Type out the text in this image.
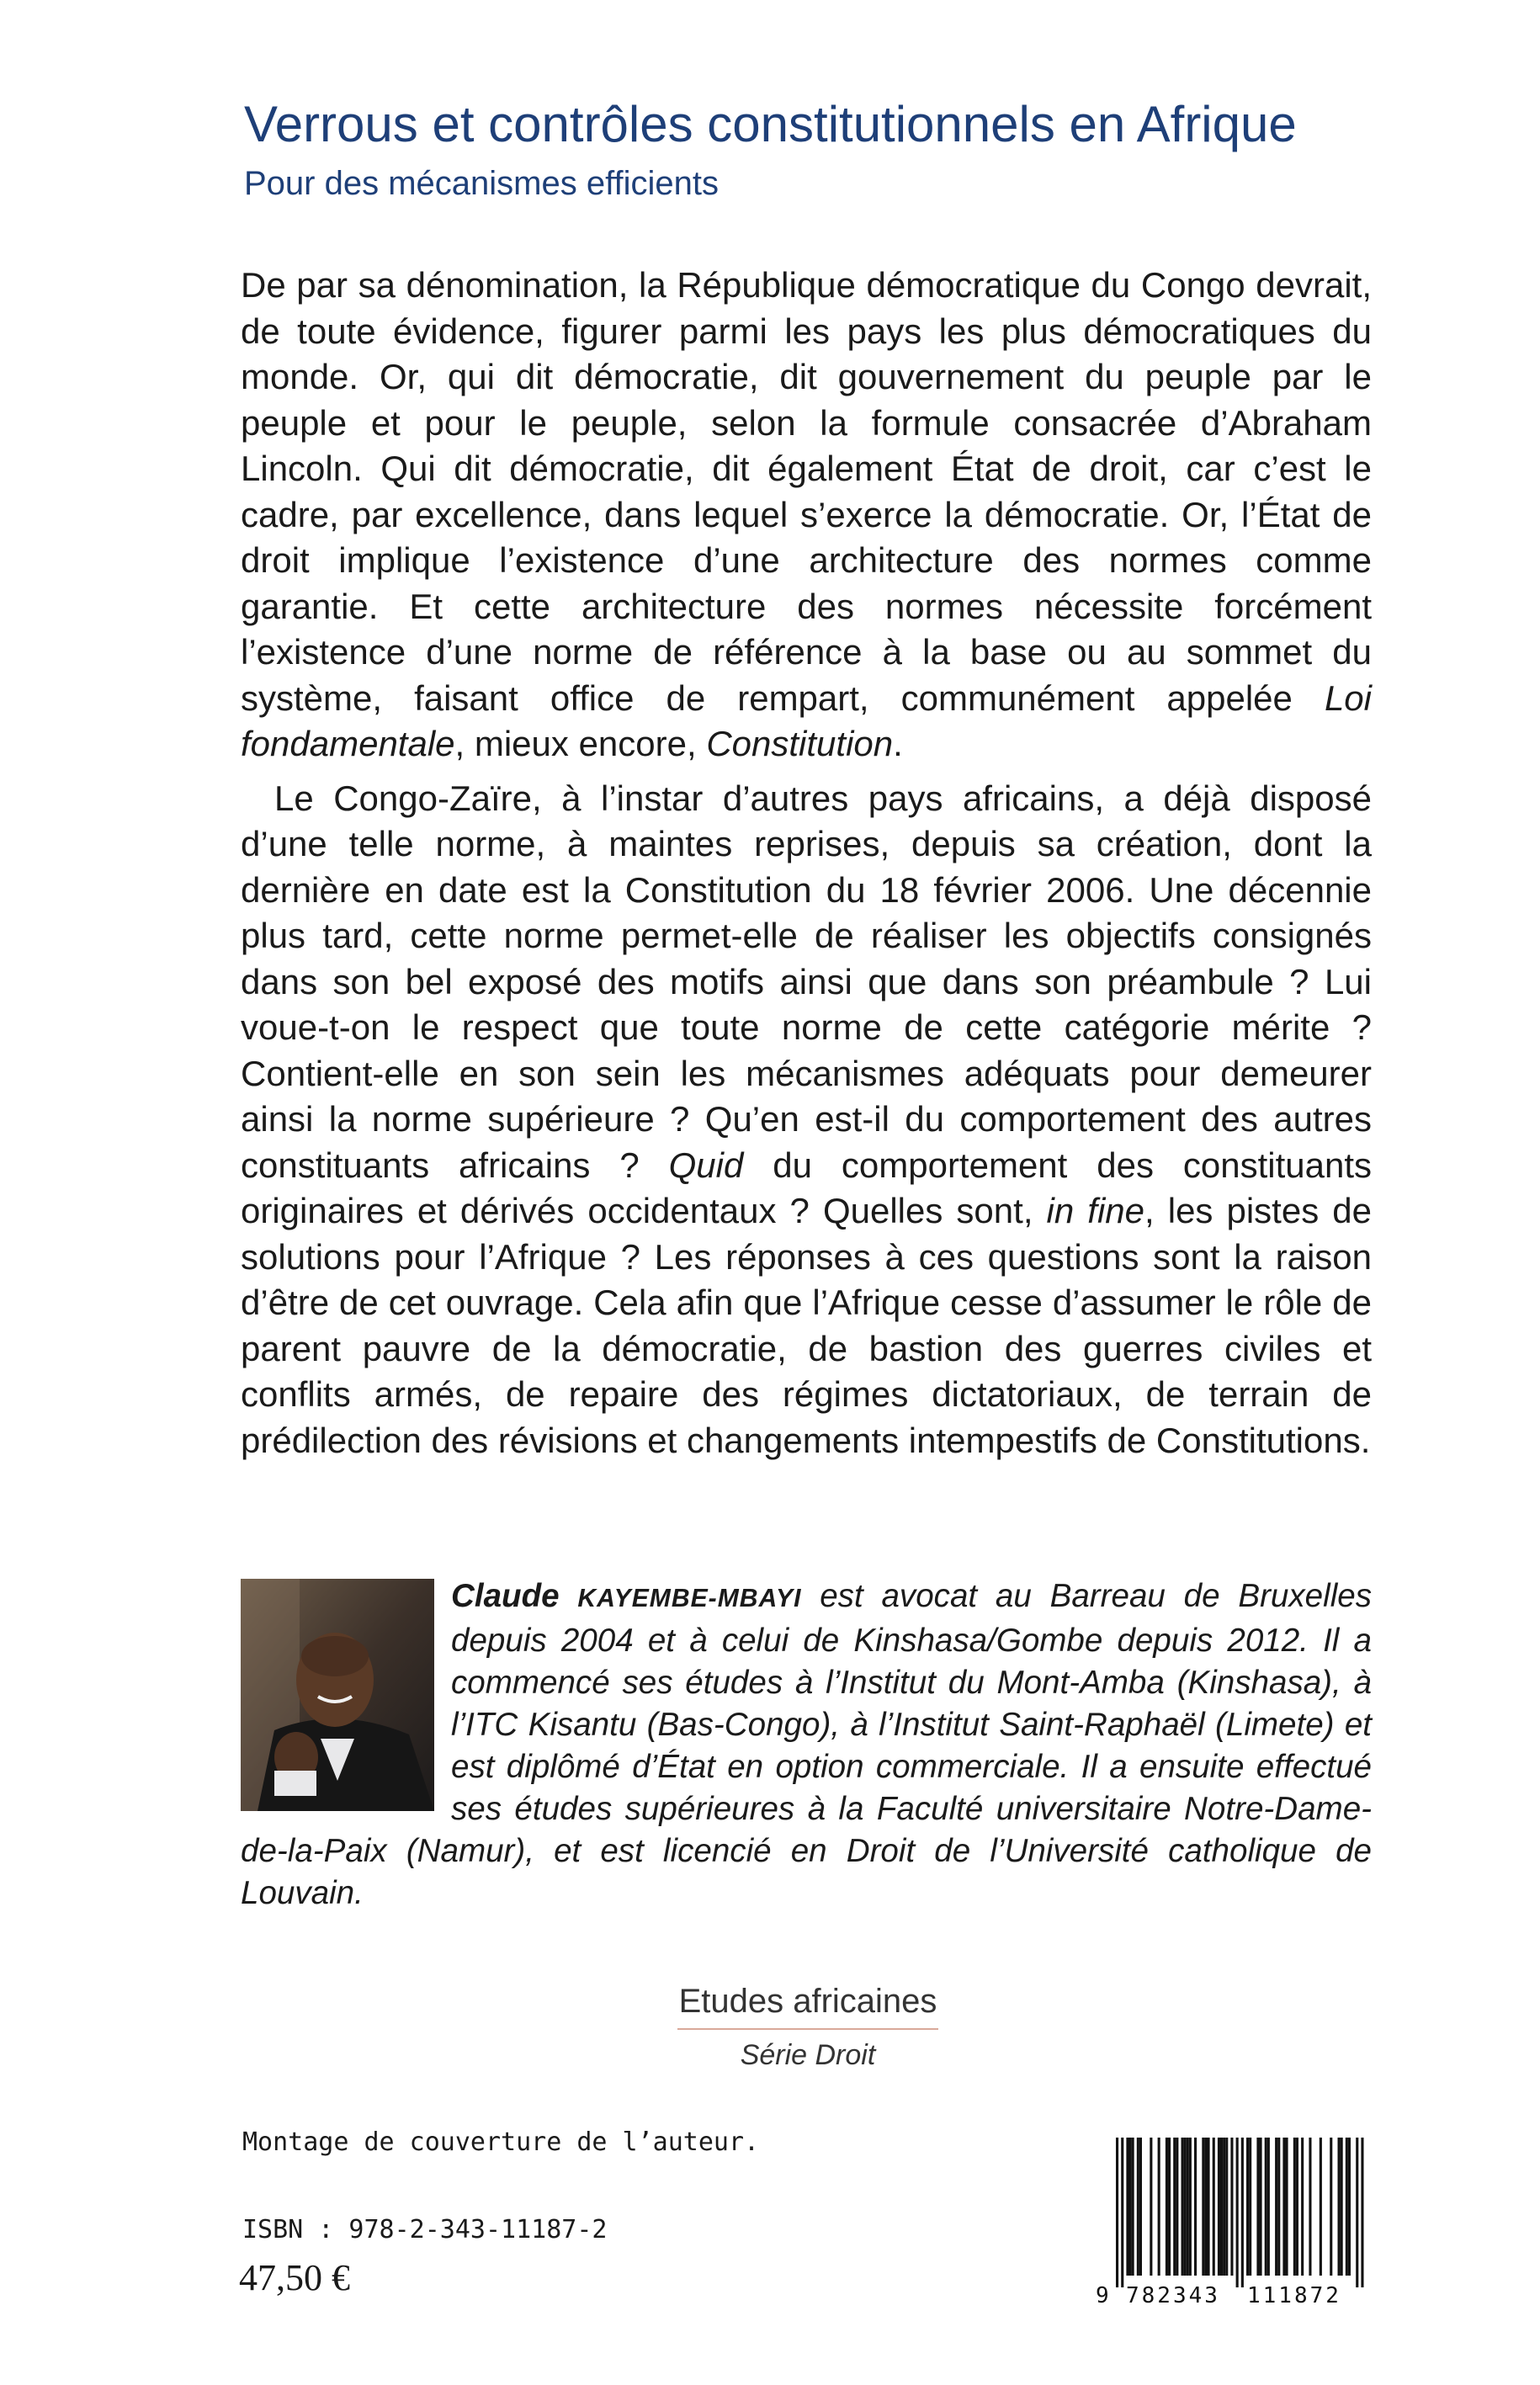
Verrous et contrôles constitutionnels en Afrique
Pour des mécanismes efficients

De par sa dénomination, la République démocratique du Congo devrait, de toute évidence, figurer parmi les pays les plus démocratiques du monde. Or, qui dit démocratie, dit gouvernement du peuple par le peuple et pour le peuple, selon la formule consacrée d’Abraham Lincoln. Qui dit démocratie, dit également État de droit, car c’est le cadre, par excellence, dans lequel s’exerce la démocratie. Or, l’État de droit implique l’existence d’une architecture des normes comme garantie. Et cette architecture des normes nécessite forcément l’existence d’une norme de référence à la base ou au sommet du système, faisant office de rempart, communément appelée Loi fondamentale, mieux encore, Constitution.

Le Congo-Zaïre, à l’instar d’autres pays africains, a déjà disposé d’une telle norme, à maintes reprises, depuis sa création, dont la dernière en date est la Constitution du 18 février 2006. Une décennie plus tard, cette norme permet-elle de réaliser les objectifs consignés dans son bel exposé des motifs ainsi que dans son préambule ? Lui voue-t-on le respect que toute norme de cette catégorie mérite ? Contient-elle en son sein les mécanismes adéquats pour demeurer ainsi la norme supérieure ? Qu’en est-il du comportement des autres constituants africains ? Quid du comportement des constituants originaires et dérivés occidentaux ? Quelles sont, in fine, les pistes de solutions pour l’Afrique ? Les réponses à ces questions sont la raison d’être de cet ouvrage. Cela afin que l’Afrique cesse d’assumer le rôle de parent pauvre de la démocratie, de bastion des guerres civiles et conflits armés, de repaire des régimes dictatoriaux, de terrain de prédilection des révisions et changements intempestifs de Constitutions.

Claude KAYEMBE-MBAYI est avocat au Barreau de Bruxelles depuis 2004 et à celui de Kinshasa/Gombe depuis 2012. Il a commencé ses études à l’Institut du Mont-Amba (Kinshasa), à l’ITC Kisantu (Bas-Congo), à l’Institut Saint-Raphaël (Limete) et est diplômé d’État en option commerciale. Il a ensuite effectué ses études supérieures à la Faculté universitaire Notre-Dame-de-la-Paix (Namur), et est licencié en Droit de l’Université catholique de Louvain.
Etudes africaines
Série Droit
Montage de couverture de l’auteur.
ISBN : 978-2-343-11187-2
47,50 €	9 782343 111872
